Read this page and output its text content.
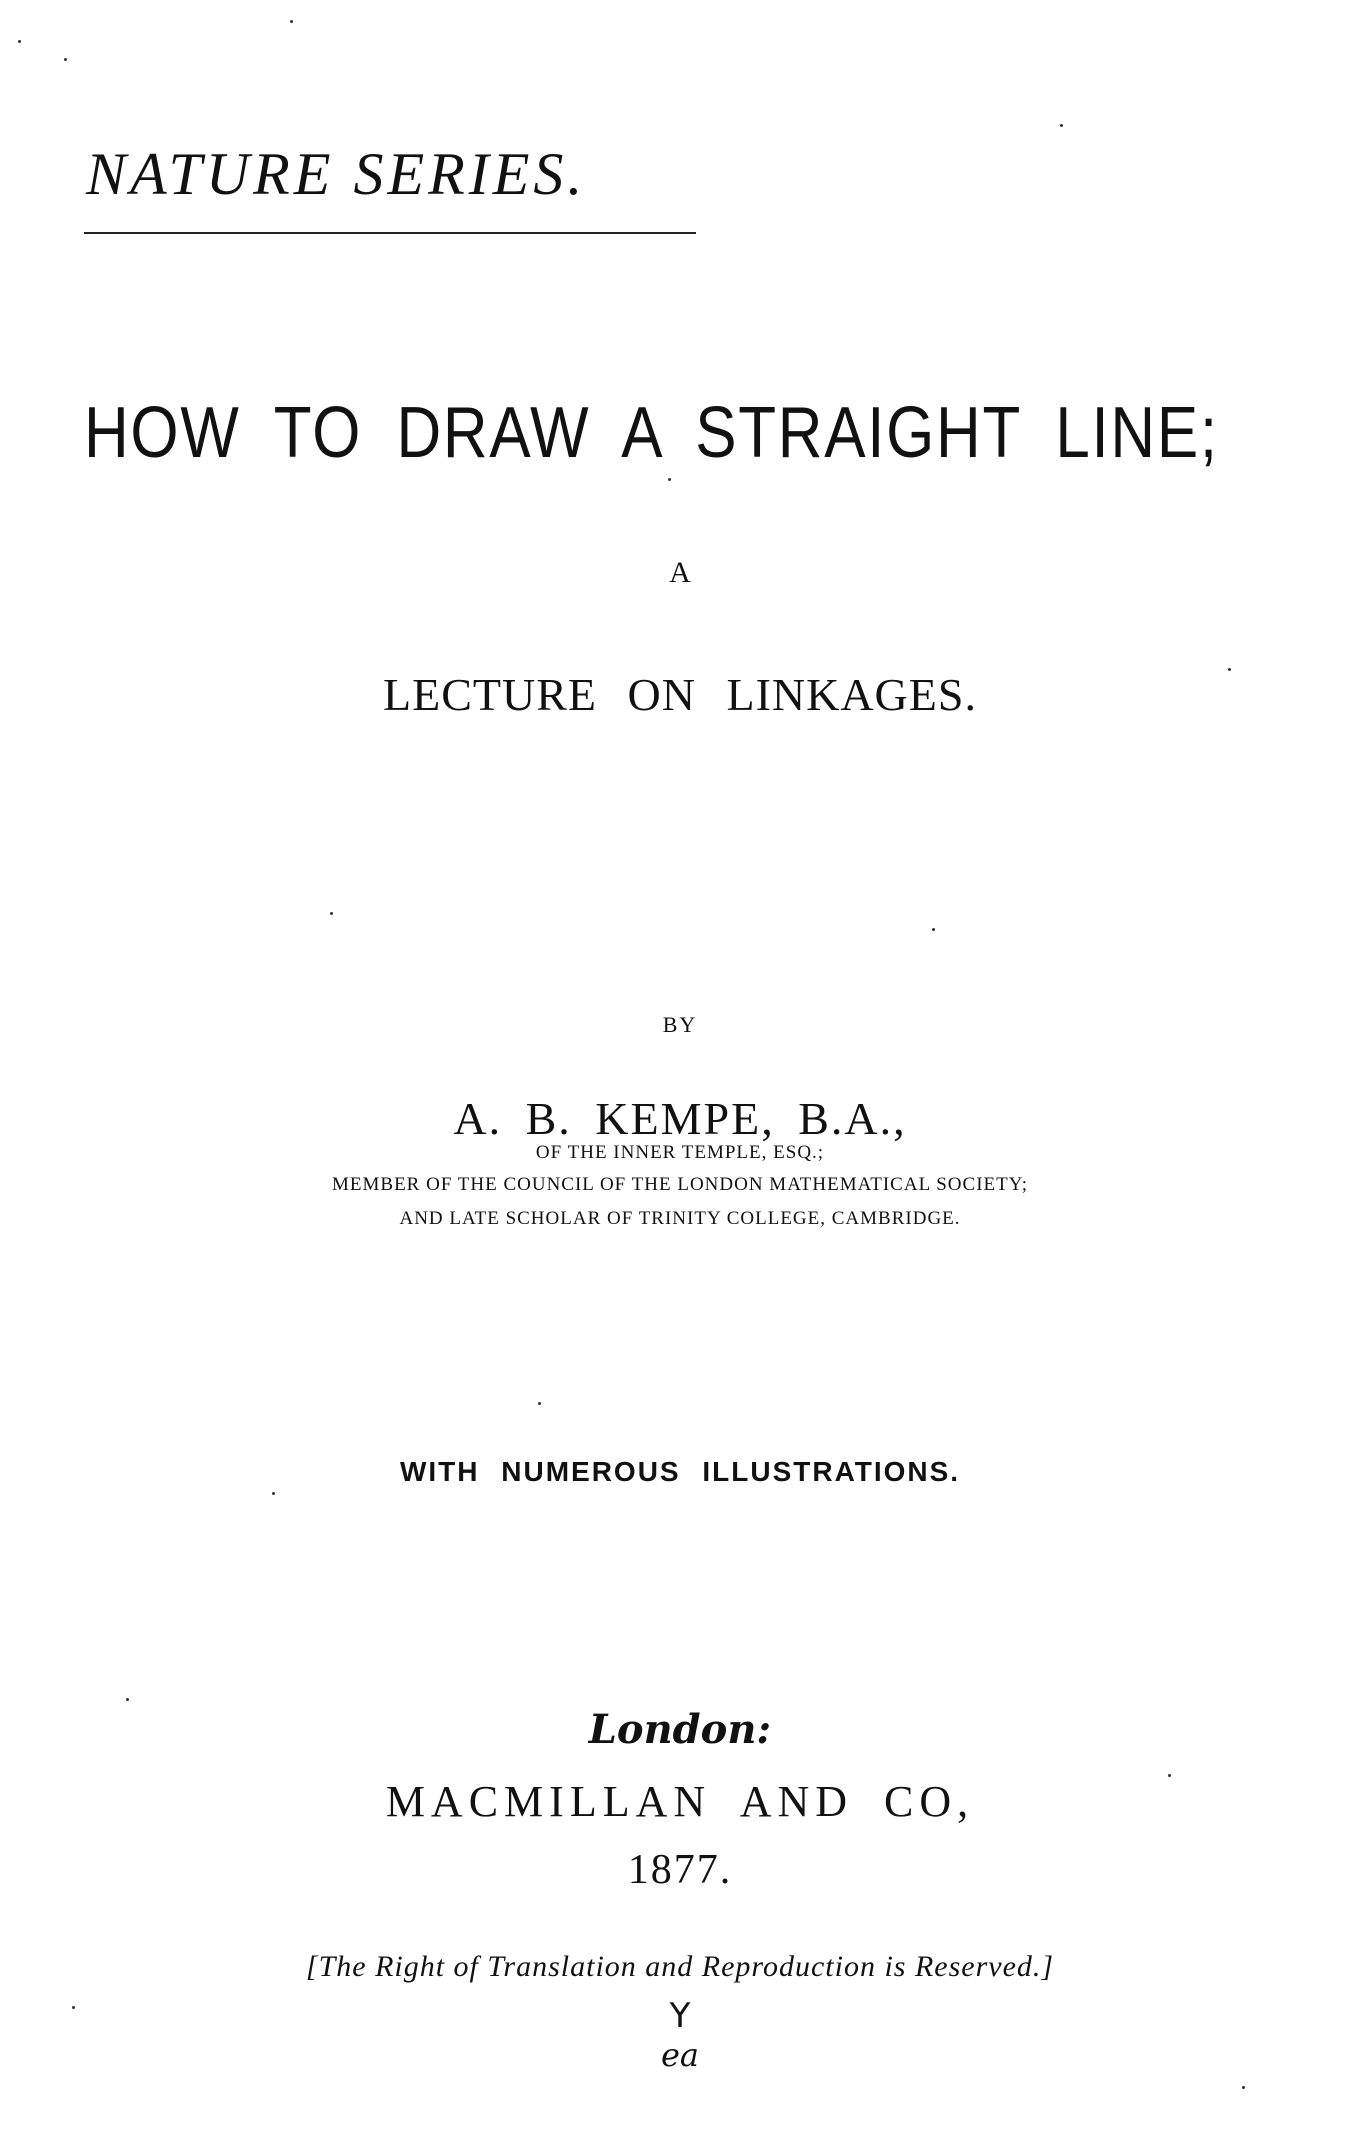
NATURE SERIES.
HOW TO DRAW A STRAIGHT LINE;
A
LECTURE ON LINKAGES.
BY
A. B. KEMPE, B.A.,
OF THE INNER TEMPLE, ESQ.;
MEMBER OF THE COUNCIL OF THE LONDON MATHEMATICAL SOCIETY;
AND LATE SCHOLAR OF TRINITY COLLEGE, CAMBRIDGE.
WITH NUMEROUS ILLUSTRATIONS.
London:
MACMILLAN AND CO,
1877.
[The Right of Translation and Reproduction is Reserved.]
Y
ea
